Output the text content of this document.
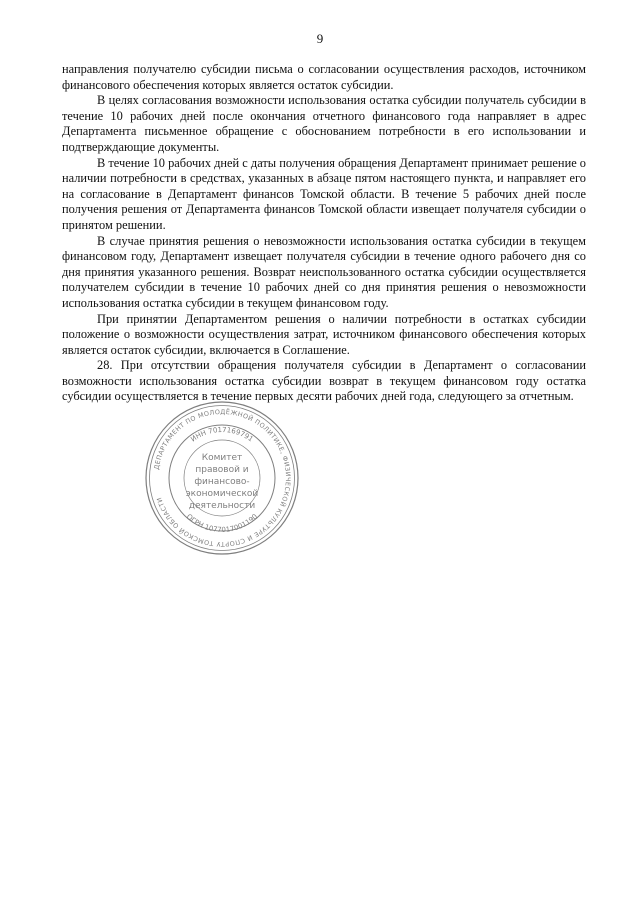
9

направления получателю субсидии письма о согласовании осуществления расходов, источником финансового обеспечения которых является остаток субсидии.

В целях согласования возможности использования остатка субсидии получатель субсидии в течение 10 рабочих дней после окончания отчетного финансового года направляет в адрес Департамента письменное обращение с обоснованием потребности в его использовании и подтверждающие документы.

В течение 10 рабочих дней с даты получения обращения Департамент принимает решение о наличии потребности в средствах, указанных в абзаце пятом настоящего пункта, и направляет его на согласование в Департамент финансов Томской области. В течение 5 рабочих дней после получения решения от Департамента финансов Томской области извещает получателя субсидии о принятом решении.

В случае принятия решения о невозможности использования остатка субсидии в текущем финансовом году, Департамент извещает получателя субсидии в течение одного рабочего дня со дня принятия указанного решения. Возврат неиспользованного остатка субсидии осуществляется получателем субсидии в течение 10 рабочих дней со дня принятия решения о невозможности использования остатка субсидии в текущем финансовом году.

При принятии Департаментом решения о наличии потребности в остатках субсидии положение о возможности осуществления затрат, источником финансового обеспечения которых является остаток субсидии, включается в Соглашение.

28. При отсутствии обращения получателя субсидии в Департамент о согласовании возможности использования остатка субсидии возврат в текущем финансовом году остатка субсидии осуществляется в течение первых десяти рабочих дней года, следующего за отчетным.

ДЕПАРТАМЕНТ ПО МОЛОДЁЖНОЙ ПОЛИТИКЕ, ФИЗИЧЕСКОЙ КУЛЬТУРЕ И СПОРТУ ТОМСКОЙ ОБЛАСТИ
ИНН 7017169791
ОГРН 1077017001190
Комитет
правовой и
финансово-
экономической
деятельности
